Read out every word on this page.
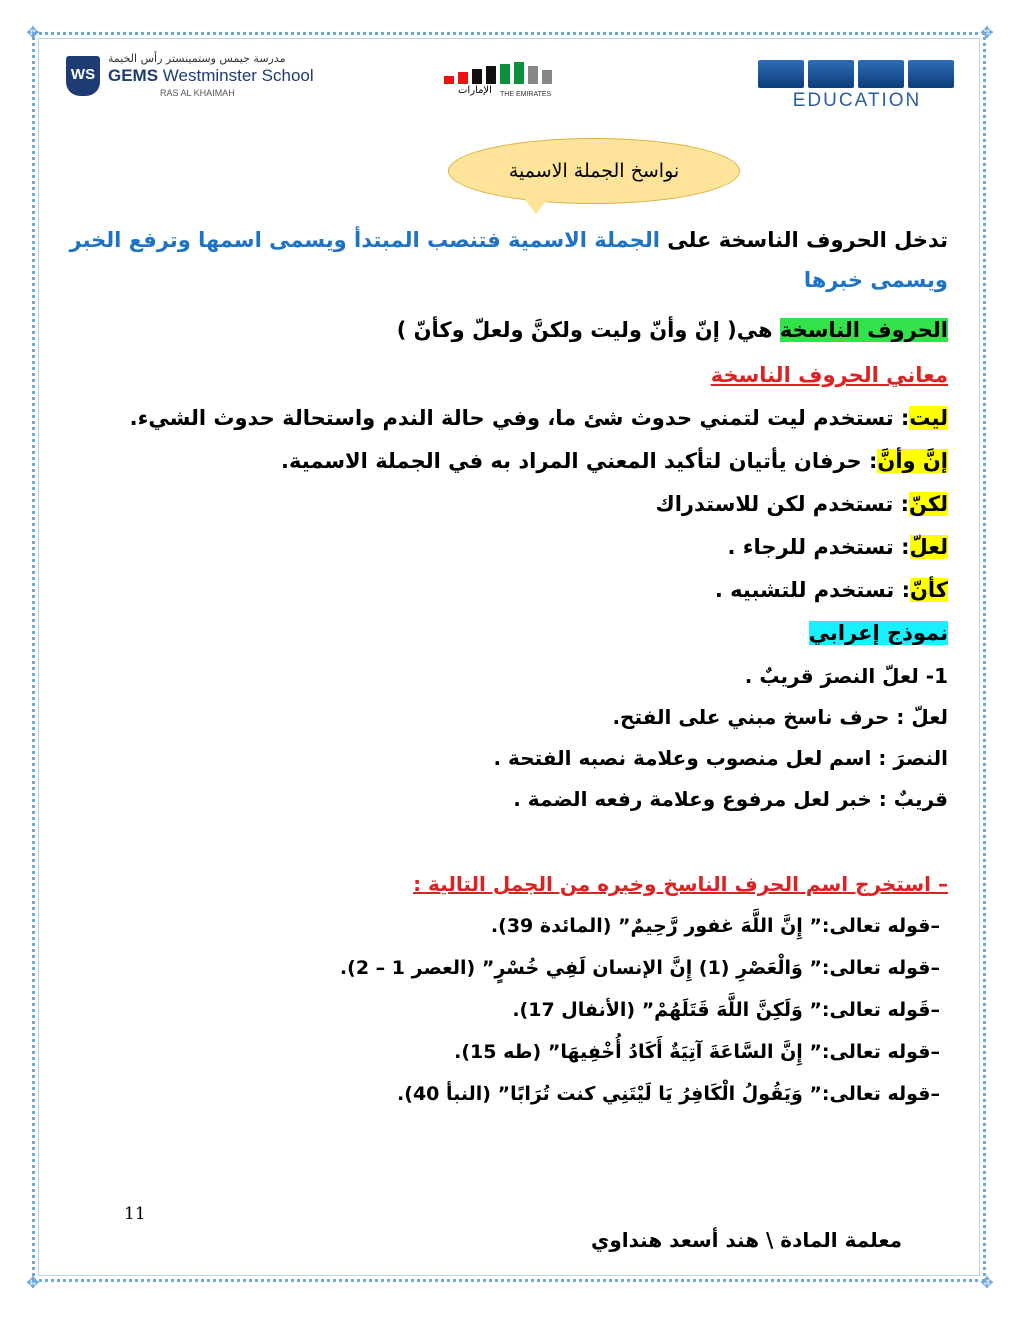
✥	✥
✥	✥
WS
مدرسة جيمس وستمينستر رأس الخيمة
GEMS Westminster School
RAS AL KHAIMAH	الإمارات THE EMIRATES	EDUCATION
نواسخ الجملة الاسمية
تدخل الحروف الناسخة على الجملة الاسمية فتنصب المبتدأ ويسمى اسمها وترفع الخبر
ويسمى خبرها
الحروف الناسخة هي( إنّ وأنّ وليت ولكنَّ ولعلّ وكأنّ )
معاني الحروف الناسخة
ليت: تستخدم ليت لتمني حدوث شئ ما، وفي حالة الندم واستحالة حدوث الشيء.
إنَّ وأنَّ: حرفان يأتيان لتأكيد المعني المراد به في الجملة الاسمية.
لكنّ: تستخدم لكن للاستدراك
لعلّ: تستخدم للرجاء .
كأنّ: تستخدم للتشبيه .
نموذج إعرابي
1- لعلّ النصرَ قريبٌ .
لعلّ : حرف ناسخ مبني على الفتح.
النصرَ : اسم لعل منصوب وعلامة نصبه الفتحة .
قريبٌ : خبر لعل مرفوع وعلامة رفعه الضمة .
– استخرج اسم الحرف الناسخ وخبره من الجمل التالية :
–قوله تعالى:” إِنَّ اللَّهَ غفور رَّحِيمٌ” (المائدة 39).
–قوله تعالى:” وَالْعَصْرِ (1) إِنَّ الإنسان لَفِي خُسْرٍ” (العصر 1 – 2).
–قَوله تعالى:” وَلَكِنَّ اللَّهَ قَتَلَهُمْ” (الأنفال 17).
–قوله تعالى:” إِنَّ السَّاعَةَ آتِيَةٌ أَكَادُ أُخْفِيهَا” (طه 15).
–قوله تعالى:” وَيَقُولُ الْكَافِرُ يَا لَيْتَنِي كنت تُرَابًا” (النبأ 40).
11
معلمة المادة \ هند أسعد هنداوي
